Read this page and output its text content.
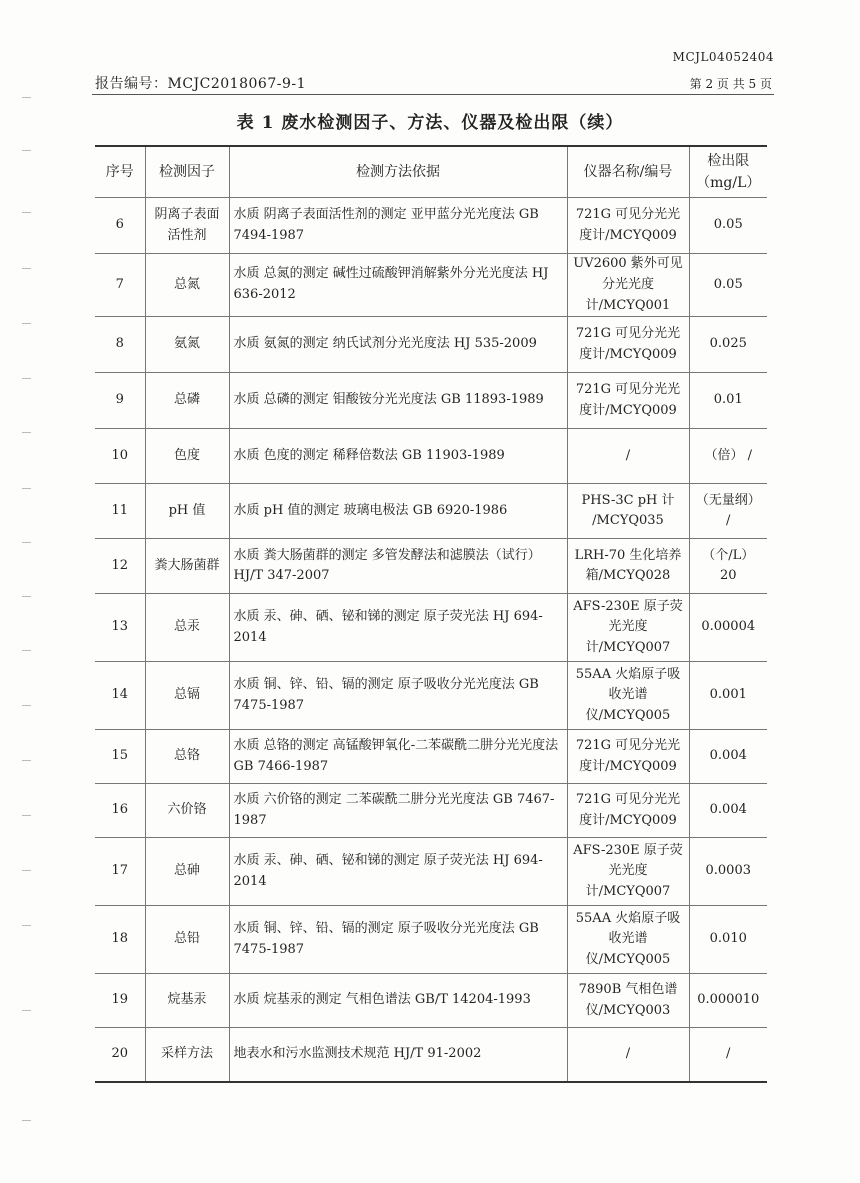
MCJL04052404
报告编号：MCJC2018067-9-1	第 2 页 共 5 页
表 1 废水检测因子、方法、仪器及检出限（续）
序号	检测因子	检测方法依据	仪器名称/编号	检出限（mg/L）
6	阴离子表面活性剂	水质 阴离子表面活性剂的测定 亚甲蓝分光光度法 GB 7494-1987	721G 可见分光光度计/MCYQ009	0.05
7	总氮	水质 总氮的测定 碱性过硫酸钾消解紫外分光光度法 HJ 636-2012	UV2600 紫外可见分光光度计/MCYQ001	0.05
8	氨氮	水质 氨氮的测定 纳氏试剂分光光度法 HJ 535-2009	721G 可见分光光度计/MCYQ009	0.025
9	总磷	水质 总磷的测定 钼酸铵分光光度法 GB 11893-1989	721G 可见分光光度计/MCYQ009	0.01
10	色度	水质 色度的测定 稀释倍数法 GB 11903-1989	/	（倍） /
11	pH 值	水质 pH 值的测定 玻璃电极法 GB 6920-1986	PHS-3C pH 计 /MCYQ035	（无量纲） /
12	粪大肠菌群	水质 粪大肠菌群的测定 多管发酵法和滤膜法（试行）HJ/T 347-2007	LRH-70 生化培养箱/MCYQ028	（个/L） 20
13	总汞	水质 汞、砷、硒、铋和锑的测定 原子荧光法 HJ 694-2014	AFS-230E 原子荧光光度计/MCYQ007	0.00004
14	总镉	水质 铜、锌、铅、镉的测定 原子吸收分光光度法 GB 7475-1987	55AA 火焰原子吸收光谱仪/MCYQ005	0.001
15	总铬	水质 总铬的测定 高锰酸钾氧化-二苯碳酰二肼分光光度法 GB 7466-1987	721G 可见分光光度计/MCYQ009	0.004
16	六价铬	水质 六价铬的测定 二苯碳酰二肼分光光度法 GB 7467-1987	721G 可见分光光度计/MCYQ009	0.004
17	总砷	水质 汞、砷、硒、铋和锑的测定 原子荧光法 HJ 694-2014	AFS-230E 原子荧光光度计/MCYQ007	0.0003
18	总铅	水质 铜、锌、铅、镉的测定 原子吸收分光光度法 GB 7475-1987	55AA 火焰原子吸收光谱仪/MCYQ005	0.010
19	烷基汞	水质 烷基汞的测定 气相色谱法 GB/T 14204-1993	7890B 气相色谱仪/MCYQ003	0.000010
20	采样方法	地表水和污水监测技术规范 HJ/T 91-2002	/	/
